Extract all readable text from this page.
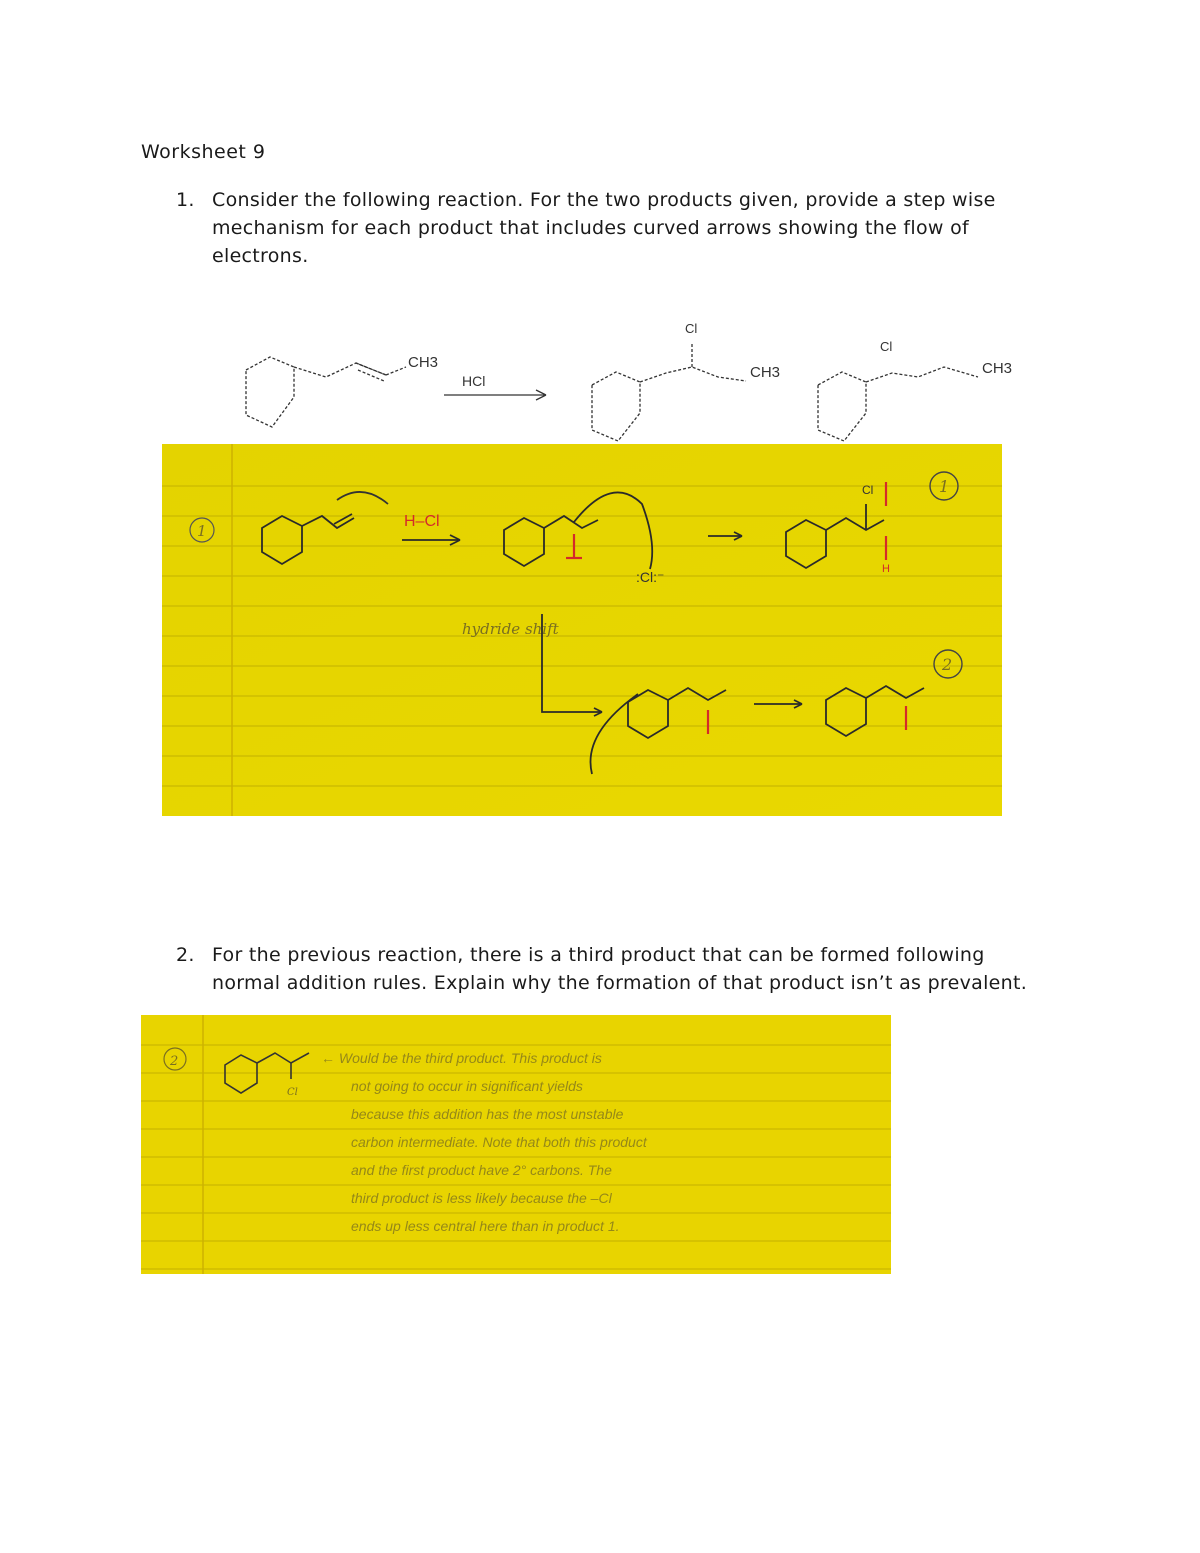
Worksheet 9
1. Consider the following reaction. For the two products given, provide a step wise mechanism for each product that includes curved arrows showing the flow of electrons.
CH3
HCl
Cl
CH3
Cl
CH3
1
H–Cl
:Cl:⁻
hydride shift
Cl
H
1
2
2. For the previous reaction, there is a third product that can be formed following normal addition rules. Explain why the formation of that product isn’t as prevalent.
2
Cl
← Would be the third product. This product is
not going to occur in significant yields
because this addition has the most unstable
carbon intermediate. Note that both this product
and the first product have 2° carbons. The
third product is less likely because the –Cl
ends up less central here than in product 1.
